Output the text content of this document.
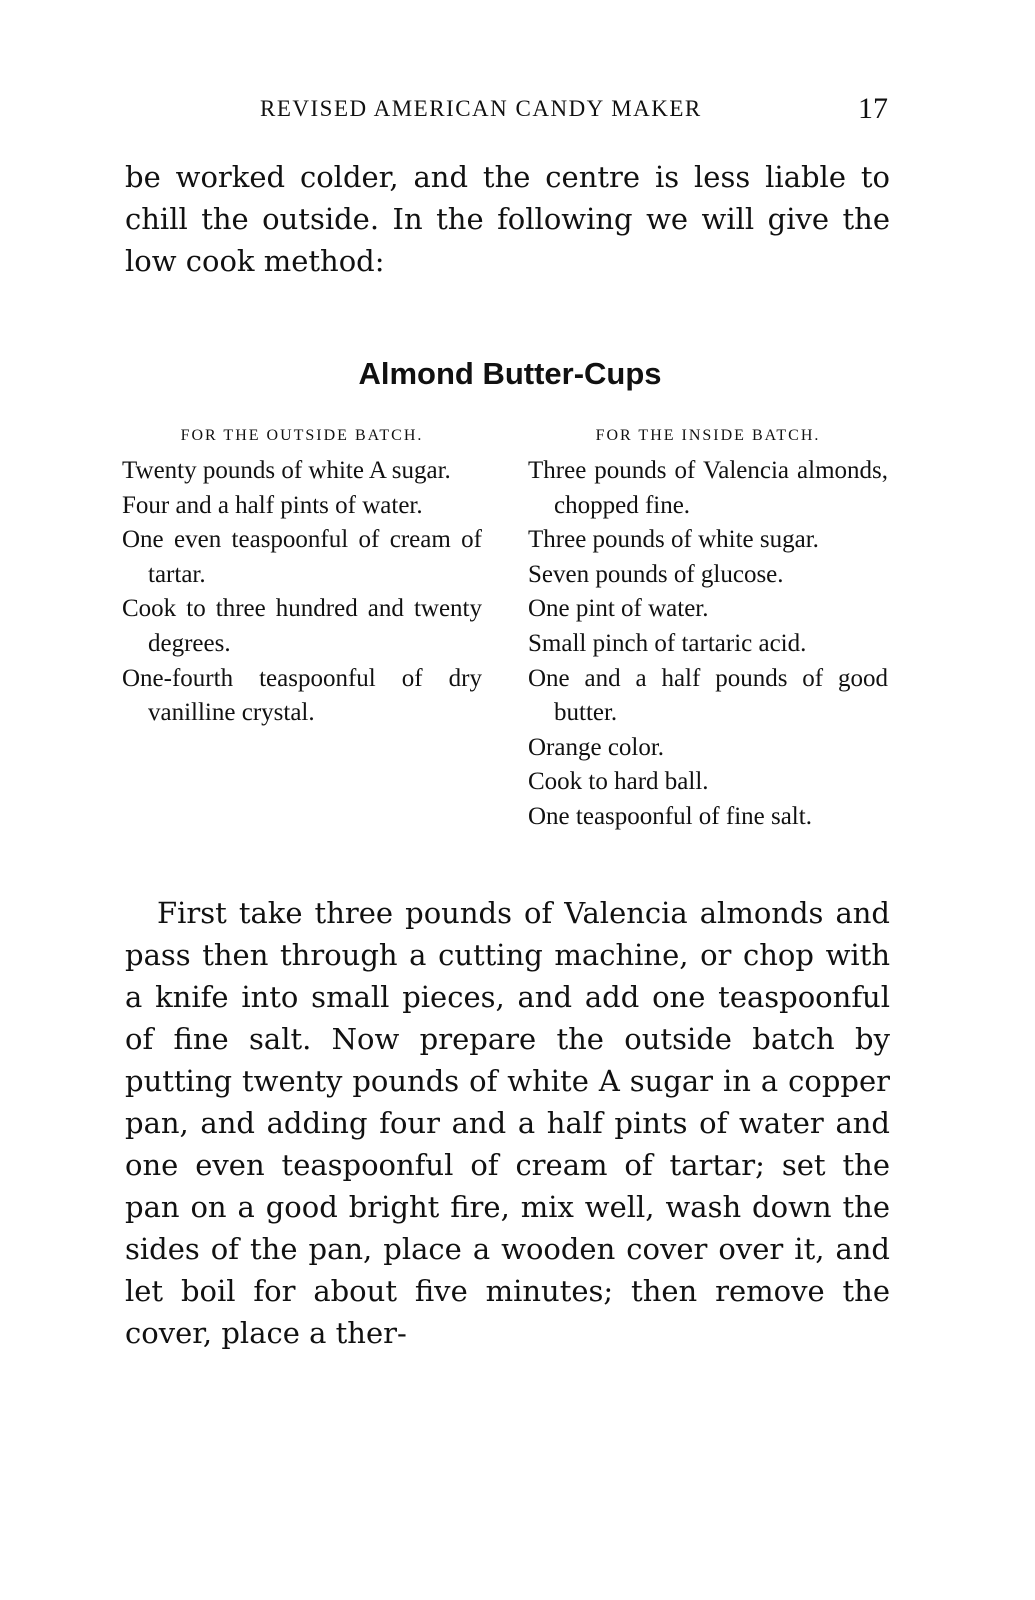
REVISED AMERICAN CANDY MAKER	17

be worked colder, and the centre is less liable to chill the outside. In the following we will give the low cook method:

Almond Butter-Cups
FOR THE OUTSIDE BATCH.
Twenty pounds of white A sugar.
Four and a half pints of water.
One even teaspoonful of cream of tartar.
Cook to three hundred and twenty degrees.
One-fourth teaspoonful of dry vanilline crystal.
FOR THE INSIDE BATCH.
Three pounds of Valencia almonds, chopped fine.
Three pounds of white sugar.
Seven pounds of glucose.
One pint of water.
Small pinch of tartaric acid.
One and a half pounds of good butter.
Orange color.
Cook to hard ball.
One teaspoonful of fine salt.

First take three pounds of Valencia almonds and pass then through a cutting machine, or chop with a knife into small pieces, and add one teaspoonful of fine salt. Now prepare the outside batch by putting twenty pounds of white A sugar in a copper pan, and adding four and a half pints of water and one even teaspoonful of cream of tartar; set the pan on a good bright fire, mix well, wash down the sides of the pan, place a wooden cover over it, and let boil for about five minutes; then remove the cover, place a ther-
